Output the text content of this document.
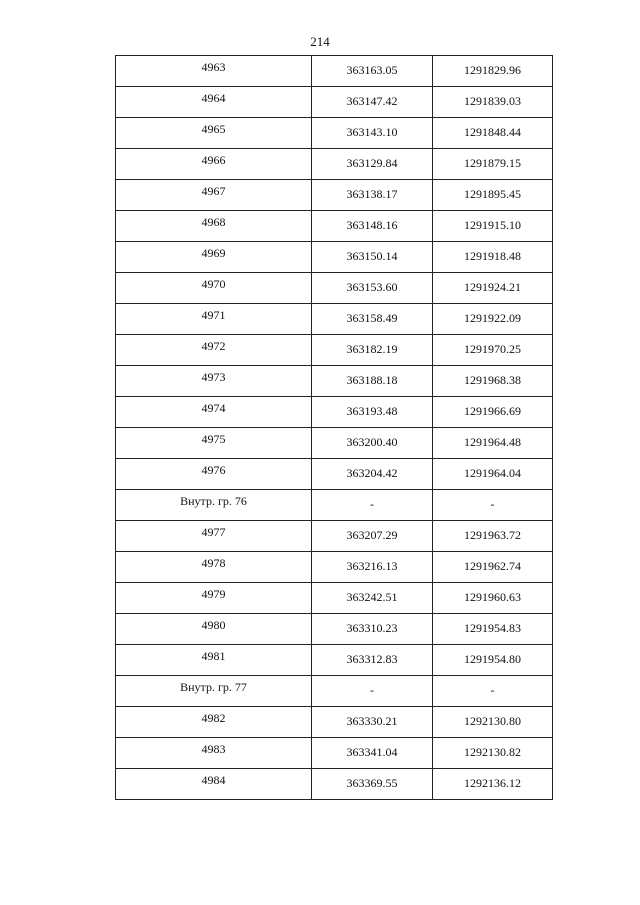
214
4963	363163.05	1291829.96
4964	363147.42	1291839.03
4965	363143.10	1291848.44
4966	363129.84	1291879.15
4967	363138.17	1291895.45
4968	363148.16	1291915.10
4969	363150.14	1291918.48
4970	363153.60	1291924.21
4971	363158.49	1291922.09
4972	363182.19	1291970.25
4973	363188.18	1291968.38
4974	363193.48	1291966.69
4975	363200.40	1291964.48
4976	363204.42	1291964.04
Внутр. гр. 76	-	-
4977	363207.29	1291963.72
4978	363216.13	1291962.74
4979	363242.51	1291960.63
4980	363310.23	1291954.83
4981	363312.83	1291954.80
Внутр. гр. 77	-	-
4982	363330.21	1292130.80
4983	363341.04	1292130.82
4984	363369.55	1292136.12
